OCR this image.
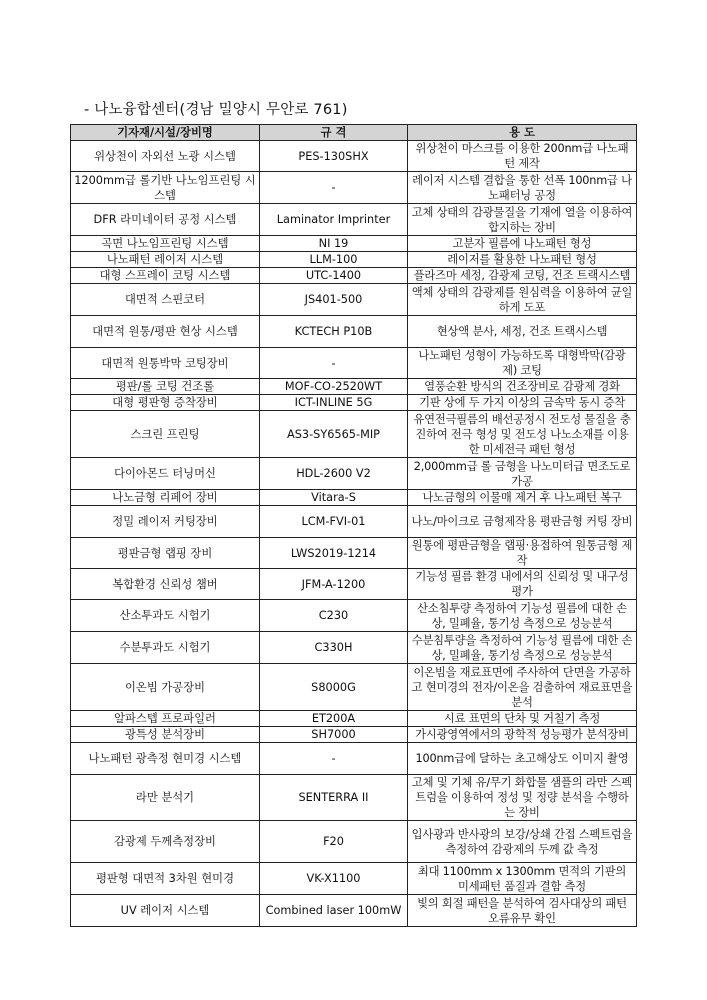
- 나노융합센터(경남 밀양시 무안로 761)
기자재/시설/장비명	규 격	용 도
위상천이 자외선 노광 시스템	PES-130SHX	위상천이 마스크를 이용한 200nm급 나노패턴 제작
1200mm급 롤기반 나노임프린팅 시스템	-	레이저 시스템 결합을 통한 선폭 100nm급 나노패터닝 공정
DFR 라미네이터 공정 시스템	Laminator Imprinter	고체 상태의 감광물질을 기재에 열을 이용하여 합지하는 장비
곡면 나노임프린팅 시스템	NI 19	고분자 필름에 나노패턴 형성
나노패턴 레이저 시스템	LLM-100	레이저를 활용한 나노패턴 형성
대형 스프레이 코팅 시스템	UTC-1400	플라즈마 세정, 감광제 코팅, 건조 트랙시스템
대면적 스핀코터	JS401-500	액체 상태의 감광제를 원심력을 이용하여 균일하게 도포
대면적 원통/평판 현상 시스템	KCTECH P10B	현상액 분사, 세정, 건조 트랙시스템
대면적 원통박막 코팅장비	-	나노패턴 성형이 가능하도록 대형박막(감광제) 코팅
평판/롤 코팅 건조롤	MOF-CO-2520WT	열풍순환 방식의 건조장비로 감광제 경화
대형 평판형 증착장비	ICT-INLINE 5G	기판 상에 두 가지 이상의 금속막 동시 증착
스크린 프린팅	AS3-SY6565-MIP	유연전극필름의 배선공정시 전도성 물질을 충진하여 전극 형성 및 전도성 나노소재를 이용한 미세전극 패턴 형성
다이아몬드 터닝머신	HDL-2600 V2	2,000mm급 롤 금형을 나노미터급 면조도로 가공
나노금형 리페어 장비	Vitara-S	나노금형의 이물매 제거 후 나노패턴 복구
정밀 레이저 커팅장비	LCM-FVI-01	나노/마이크로 금형제작용 평판금형 커팅 장비
평판금형 랩핑 장비	LWS2019-1214	원통에 평판금형을 랩핑·용접하여 원통금형 제작
복합환경 신뢰성 챔버	JFM-A-1200	기능성 필름 환경 내에서의 신뢰성 및 내구성 평가
산소투과도 시험기	C230	산소침투량 측정하여 기능성 필름에 대한 손상, 밀폐율, 통기성 측정으로 성능분석
수분투과도 시험기	C330H	수분침투량을 측정하여 기능성 필름에 대한 손상, 밀폐율, 통기성 측정으로 성능분석
이온빔 가공장비	S8000G	이온빔을 재료표면에 주사하여 단면을 가공하고 현미경의 전자/이온을 검출하여 재료표면을 분석
알파스텝 프로파일러	ET200A	시료 표면의 단차 및 거칠기 측정
광특성 분석장비	SH7000	가시광영역에서의 광학적 성능평가 분석장비
나노패턴 광측정 현미경 시스템	-	100nm급에 달하는 초고해상도 이미지 촬영
라만 분석기	SENTERRA II	고체 및 기체 유/무기 화합물 샘플의 라만 스펙트럼을 이용하여 정성 및 정량 분석을 수행하는 장비
감광제 두께측정장비	F20	입사광과 반사광의 보강/상쇄 간접 스펙트럼을 측정하여 감광제의 두께 값 측정
평판형 대면적 3차원 현미경	VK-X1100	최대 1100mm x 1300mm 면적의 기판의 미세패턴 품질과 결함 측정
UV 레이저 시스템	Combined laser 100mW	빛의 회절 패턴을 분석하여 검사대상의 패턴 오류유무 확인
